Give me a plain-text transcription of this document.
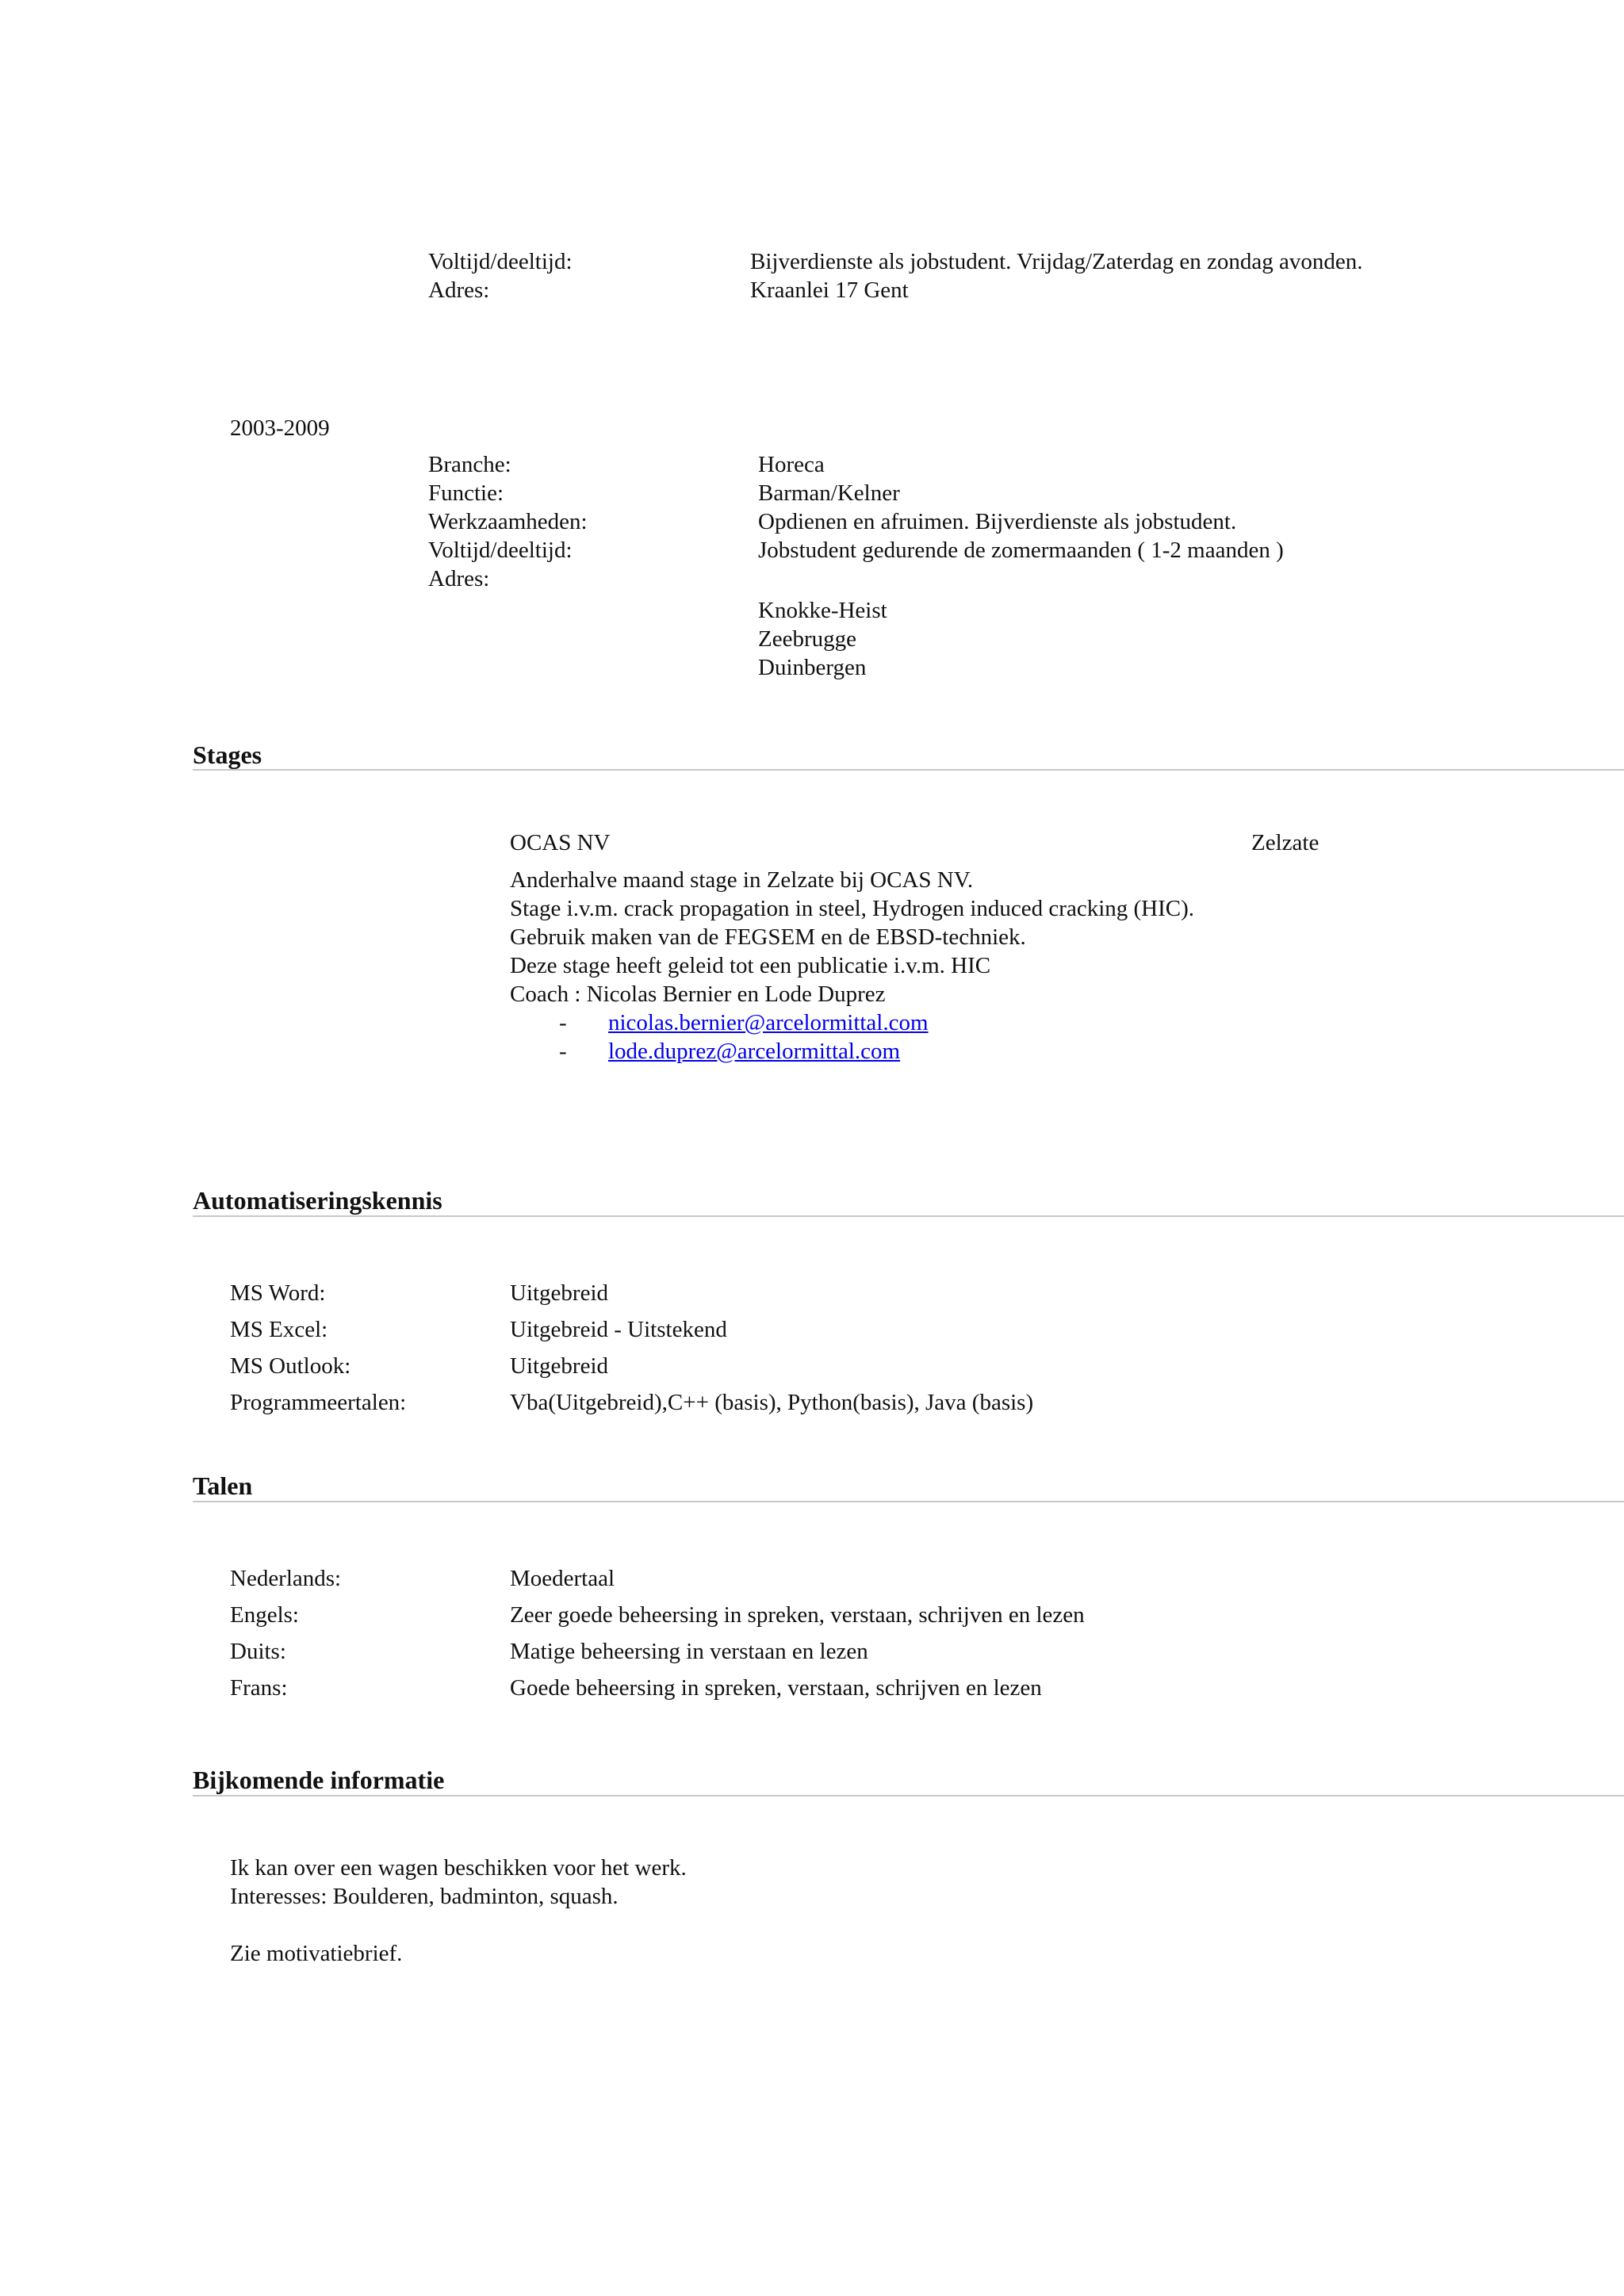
Voltijd/deeltijd:
Adres:
Bijverdienste als jobstudent. Vrijdag/Zaterdag en zondag avonden.
Kraanlei 17 Gent
2003-2009
Branche:
Functie:
Werkzaamheden:
Voltijd/deeltijd:
Adres:
Horeca
Barman/Kelner
Opdienen en afruimen. Bijverdienste als jobstudent.
Jobstudent gedurende de zomermaanden ( 1-2 maanden )
Knokke-Heist
Zeebrugge
Duinbergen
Stages
OCAS NV	Zelzate
Anderhalve maand stage in Zelzate bij OCAS NV.
Stage i.v.m. crack propagation in steel, Hydrogen induced cracking (HIC).
Gebruik maken van de FEGSEM en de EBSD-techniek.
Deze stage heeft geleid tot een publicatie i.v.m. HIC
Coach : Nicolas Bernier en Lode Duprez
- nicolas.bernier@arcelormittal.com
- lode.duprez@arcelormittal.com
Automatiseringskennis
MS Word:
MS Excel:
MS Outlook:
Programmeertalen:
Uitgebreid
Uitgebreid - Uitstekend
Uitgebreid
Vba(Uitgebreid),C++ (basis), Python(basis), Java (basis)
Talen
Nederlands:
Engels:
Duits:
Frans:
Moedertaal
Zeer goede beheersing in spreken, verstaan, schrijven en lezen
Matige beheersing in verstaan en lezen
Goede beheersing in spreken, verstaan, schrijven en lezen
Bijkomende informatie
Ik kan over een wagen beschikken voor het werk.
Interesses: Boulderen, badminton, squash.
Zie motivatiebrief.
